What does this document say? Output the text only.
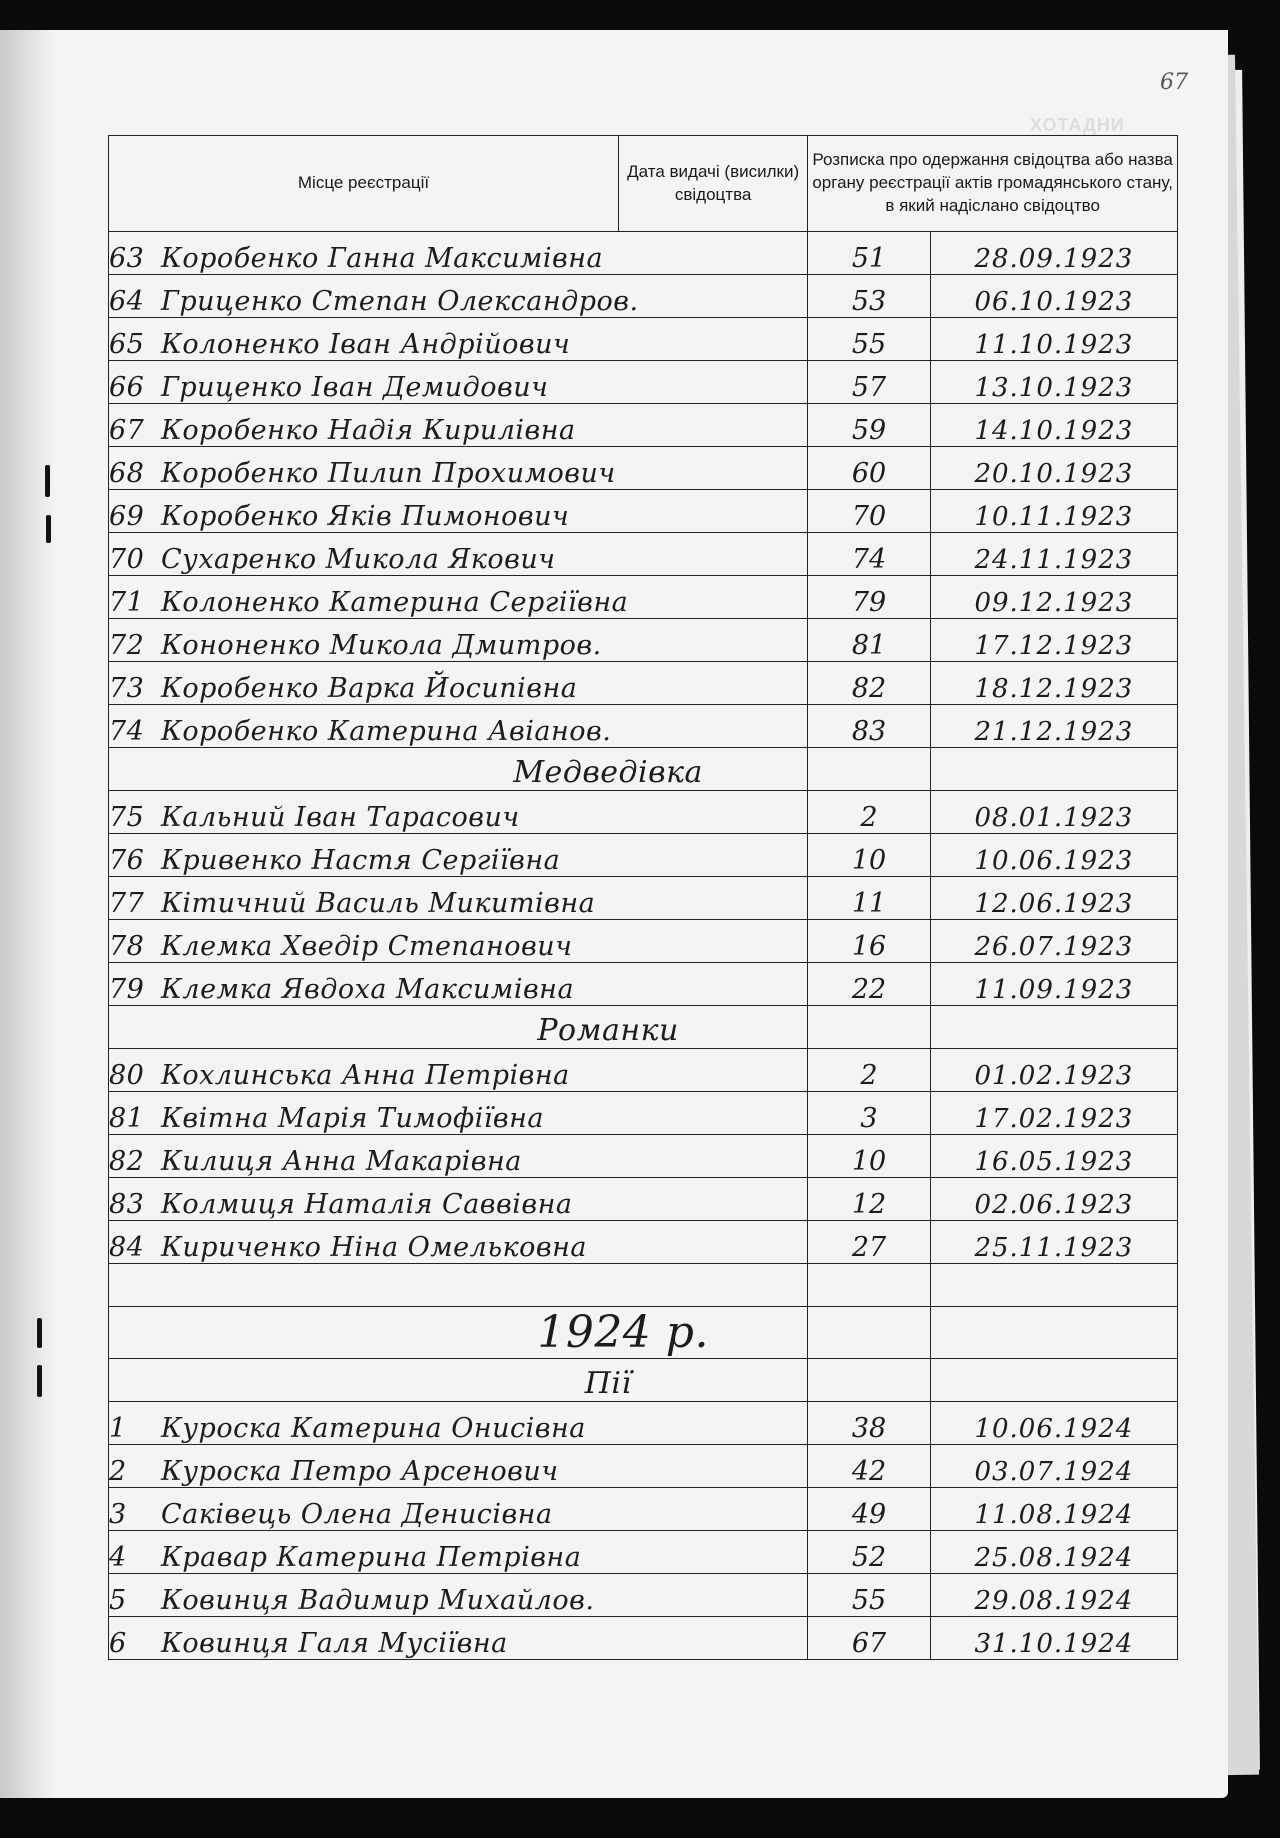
67
ХОТАДНИ
Місце реєстрації	Дата видачі (висилки) свідоцтва	Розписка про одержання свідоцтва або назва органу реєстрації актів громадянського стану, в який надіслано свідоцтво	
63 Коробенко Ганна Максимівна		51	28.09.1923
64 Гриценко Степан Олександров.		53	06.10.1923
65 Колоненко Іван Андрійович		55	11.10.1923
66 Гриценко Іван Демидович		57	13.10.1923
67 Коробенко Надія Кирилівна		59	14.10.1923
68 Коробенко Пилип Прохимович		60	20.10.1923
69 Коробенко Яків Пимонович		70	10.11.1923
70 Сухаренко Микола Якович		74	24.11.1923
71 Колоненко Катерина Сергіївна		79	09.12.1923
72 Кононенко Микола Дмитров.		81	17.12.1923
73 Коробенко Варка Йосипівна		82	18.12.1923
74 Коробенко Катерина Авіанов.		83	21.12.1923
Медведівка			
75 Кальний Іван Тарасович		2	08.01.1923
76 Кривенко Настя Сергіївна		10	10.06.1923
77 Кітичний Василь Микитівна		11	12.06.1923
78 Клемка Хведір Степанович		16	26.07.1923
79 Клемка Явдоха Максимівна		22	11.09.1923
Романки			
80 Кохлинська Анна Петрівна		2	01.02.1923
81 Квітна Марія Тимофіївна		3	17.02.1923
82 Килиця Анна Макарівна		10	16.05.1923
83 Колмиця Наталія Саввівна		12	02.06.1923
84 Кириченко Ніна Омельковна		27	25.11.1923

1924 р.			
Пії			
1 Куроска Катерина Онисівна		38	10.06.1924
2 Куроска Петро Арсенович		42	03.07.1924
3 Саківець Олена Денисівна		49	11.08.1924
4 Кравар Катерина Петрівна		52	25.08.1924
5 Ковинця Вадимир Михайлов.		55	29.08.1924
6 Ковинця Галя Мусіївна		67	31.10.1924
